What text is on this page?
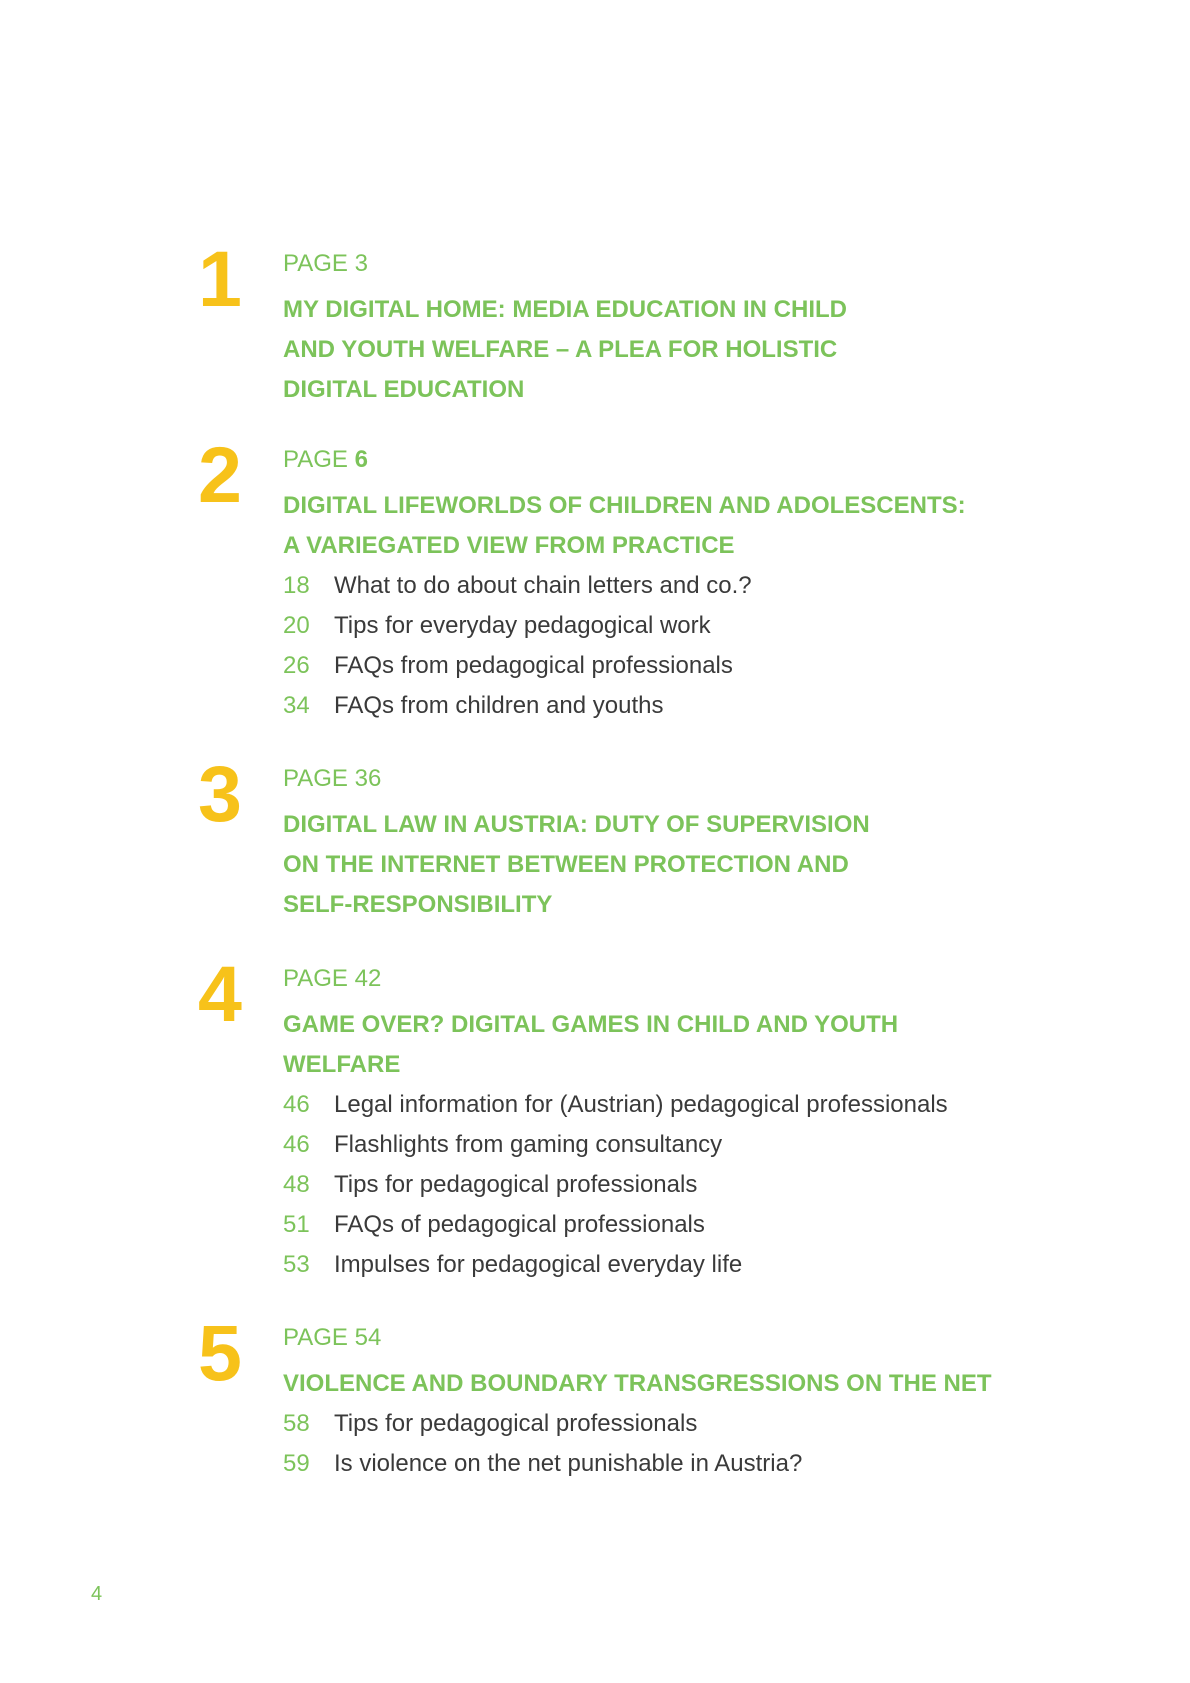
1	PAGE 3

MY DIGITAL HOME: MEDIA EDUCATION IN CHILD
AND YOUTH WELFARE – A PLEA FOR HOLISTIC
DIGITAL EDUCATION
2	PAGE 6

DIGITAL LIFEWORLDS OF CHILDREN AND ADOLESCENTS:
A VARIEGATED VIEW FROM PRACTICE
18	What to do about chain letters and co.?
20	Tips for everyday pedagogical work
26	FAQs from pedagogical professionals
34	FAQs from children and youths
3	PAGE 36

DIGITAL LAW IN AUSTRIA: DUTY OF SUPERVISION
ON THE INTERNET BETWEEN PROTECTION AND
SELF-RESPONSIBILITY
4	PAGE 42

GAME OVER? DIGITAL GAMES IN CHILD AND YOUTH
WELFARE
46	Legal information for (Austrian) pedagogical professionals
46	Flashlights from gaming consultancy
48	Tips for pedagogical professionals
51	FAQs of pedagogical professionals
53	Impulses for pedagogical everyday life
5	PAGE 54

VIOLENCE AND BOUNDARY TRANSGRESSIONS ON THE NET
58	Tips for pedagogical professionals
59	Is violence on the net punishable in Austria?
4
